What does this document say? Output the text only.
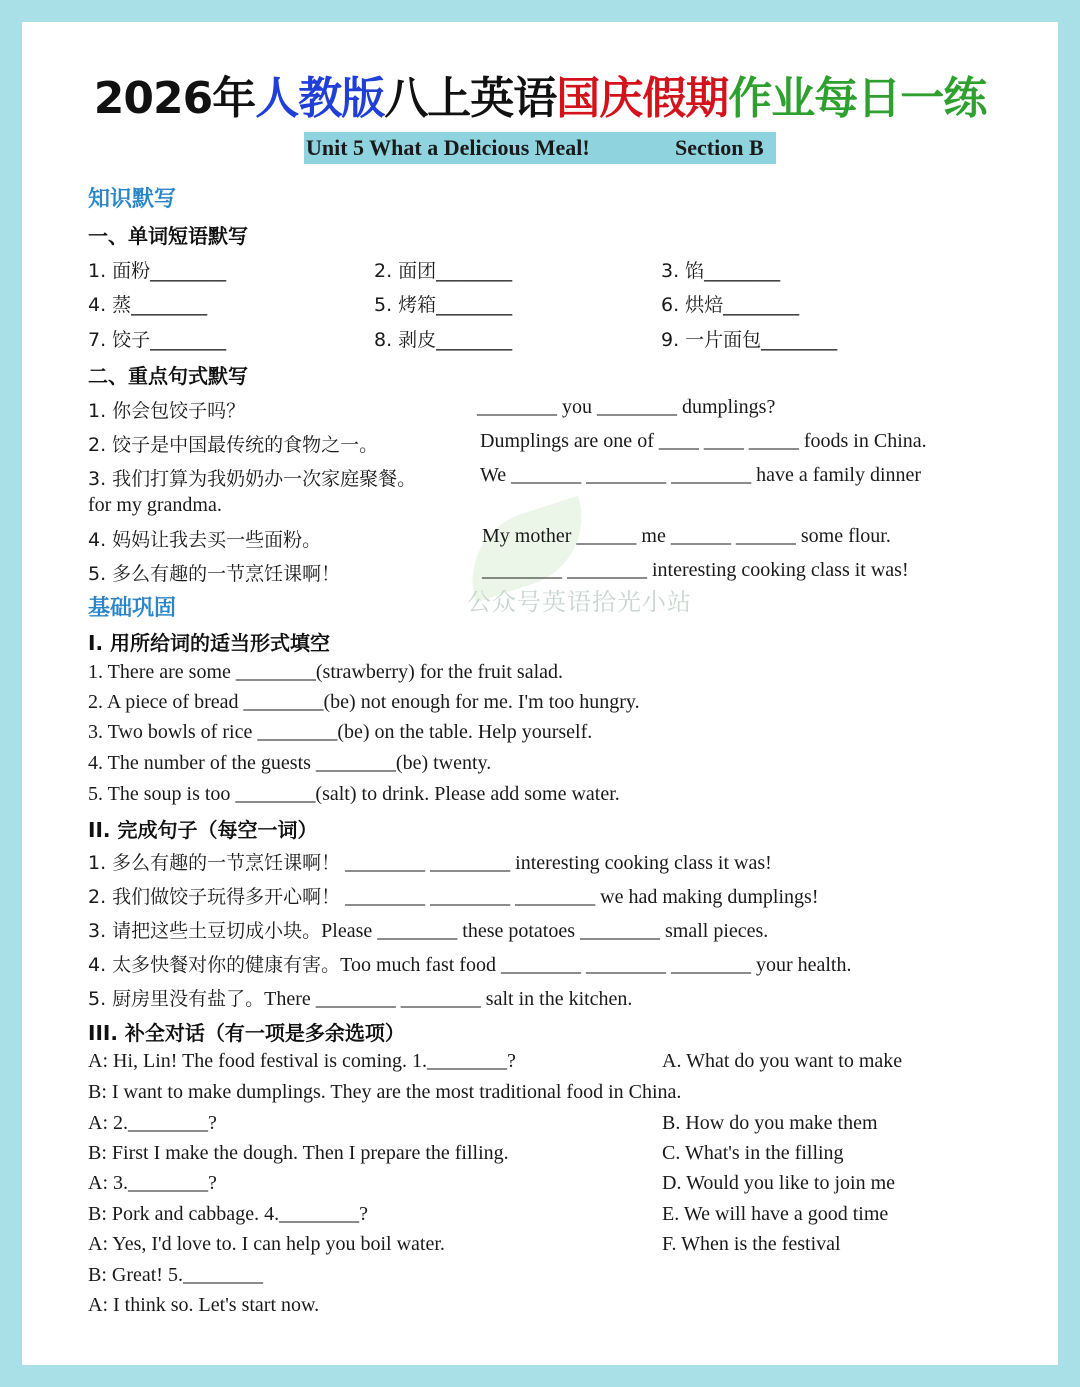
2026年人教版八上英语国庆假期作业每日一练
Unit 5 What a Delicious Meal!	Section B
知识默写
一、单词短语默写
1. 面粉________	2. 面团________	3. 馅________
4. 蒸________	5. 烤箱________	6. 烘焙________
7. 饺子________	8. 剥皮________	9. 一片面包________
二、重点句式默写
1. 你会包饺子吗？	________ you ________ dumplings?
2. 饺子是中国最传统的食物之一。	Dumplings are one of ____ ____ _____ foods in China.
3. 我们打算为我奶奶办一次家庭聚餐。	We _______ ________ ________ have a family dinner
for my grandma.
4. 妈妈让我去买一些面粉。	My mother ______ me ______ ______ some flour.
5. 多么有趣的一节烹饪课啊！	________ ________ interesting cooking class it was!
公众号英语拾光小站
基础巩固
I. 用所给词的适当形式填空
1. There are some ________(strawberry) for the fruit salad.
2. A piece of bread ________(be) not enough for me. I'm too hungry.
3. Two bowls of rice ________(be) on the table. Help yourself.
4. The number of the guests ________(be) twenty.
5. The soup is too ________(salt) to drink. Please add some water.
II. 完成句子（每空一词）
1. 多么有趣的一节烹饪课啊！ ________ ________ interesting cooking class it was!
2. 我们做饺子玩得多开心啊！ ________ ________ ________ we had making dumplings!
3. 请把这些土豆切成小块。Please ________ these potatoes ________ small pieces.
4. 太多快餐对你的健康有害。Too much fast food ________ ________ ________ your health.
5. 厨房里没有盐了。There ________ ________ salt in the kitchen.
III. 补全对话（有一项是多余选项）
A: Hi, Lin! The food festival is coming. 1.________?
B: I want to make dumplings. They are the most traditional food in China.
A: 2.________?
B: First I make the dough. Then I prepare the filling.
A: 3.________?
B: Pork and cabbage. 4.________?
A: Yes, I'd love to. I can help you boil water.
B: Great! 5.________
A: I think so. Let's start now.
A. What do you want to make
B. How do you make them
C. What's in the filling
D. Would you like to join me
E. We will have a good time
F. When is the festival
